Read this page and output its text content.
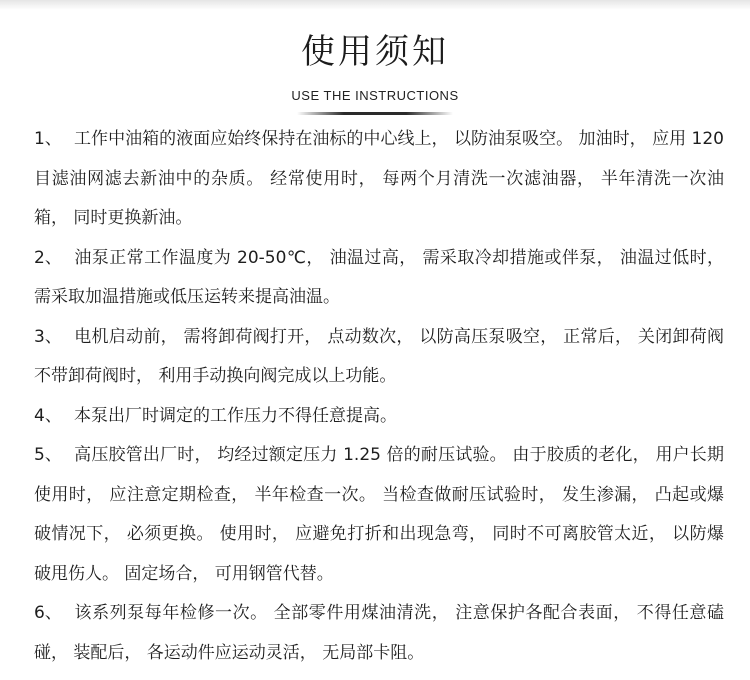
使用须知
USE THE INSTRUCTIONS

1、 工作中油箱的液面应始终保持在油标的中心线上， 以防油泵吸空。 加油时， 应用 120 目滤油网滤去新油中的杂质。 经常使用时， 每两个月清洗一次滤油器， 半年清洗一次油箱， 同时更换新油。

2、 油泵正常工作温度为 20-50℃， 油温过高， 需采取冷却措施或伴泵， 油温过低时， 需采取加温措施或低压运转来提高油温。

3、 电机启动前， 需将卸荷阀打开， 点动数次， 以防高压泵吸空， 正常后， 关闭卸荷阀不带卸荷阀时， 利用手动换向阀完成以上功能。

4、 本泵出厂时调定的工作压力不得任意提高。

5、 高压胶管出厂时， 均经过额定压力 1.25 倍的耐压试验。 由于胶质的老化， 用户长期使用时， 应注意定期检查， 半年检查一次。 当检查做耐压试验时， 发生渗漏， 凸起或爆破情况下， 必须更换。 使用时， 应避免打折和出现急弯， 同时不可离胶管太近， 以防爆破甩伤人。 固定场合， 可用钢管代替。

6、 该系列泵每年检修一次。 全部零件用煤油清洗， 注意保护各配合表面， 不得任意磕碰， 装配后， 各运动件应运动灵活， 无局部卡阻。
